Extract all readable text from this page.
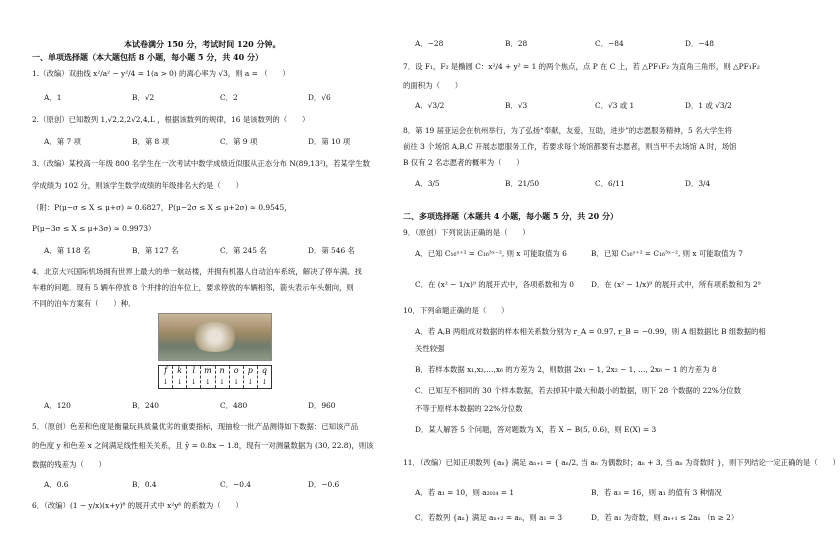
本试卷满分 150 分，考试时间 120 分钟。
一、单项选择题（本大题包括 8 小题，每小题 5 分，共 40 分）
1.（改编）双曲线 x²/a² − y²/4 = 1(a > 0) 的离心率为 √3，则 a = （　　）
A．1	B．√2	C．2	D．√6
2.（原创）已知数列 1,√2,2,2√2,4,L ，根据该数列的规律，16 是该数列的（　　）
A．第 7 项	B．第 8 项	C．第 9 项	D．第 10 项
3.（改编）某校高一年级 800 名学生在一次考试中数学成绩近似服从正态分布 N(89,13²)，若某学生数
学成绩为 102 分，则该学生数学成绩的年级排名大约是（　　）
（附：P(μ−σ ≤ X ≤ μ+σ) ≈ 0.6827，P(μ−2σ ≤ X ≤ μ+2σ) ≈ 0.9545，
P(μ−3σ ≤ X ≤ μ+3σ) ≈ 0.9973）
A．第 118 名	B．第 127 名	C．第 245 名	D．第 546 名
4．北京大兴国际机场拥有世界上最大的单一航站楼，并拥有机器人自动泊车系统，解决了停车满、找
车难的问题．现有 5 辆车停放 8 个并排的泊车位上，要求停放的车辆相邻，箭头表示车头朝向，则
不同的泊车方案有（　　）种．
f
↓
k
↓
l
↓
m
↓
n
↓
o
↓
p
↓
q
↓
A．120	B．240	C．480	D．960
5．（原创）色差和色度是衡量玩具质量优劣的重要指标，现抽检一批产品测得如下数据：已知该产品
的色度 y 和色差 x 之间满足线性相关关系，且 ŷ = 0.8x − 1.8，现有一对测量数据为 (30, 22.8)，则该
数据的残差为（　　）
A．0.6	B．0.4	C．−0.4	D．−0.6
6．（改编）(1 − y/x)(x+y)⁸ 的展开式中 x²y⁶ 的系数为（　　）
A．−28	B．28	C．−84	D．−48
7．设 F₁，F₂ 是椭圆 C：x²/4 + y² = 1 的两个焦点，点 P 在 C 上，若 △PF₁F₂ 为直角三角形，则 △PF₁F₂
的面积为（　　）
A．√3/2	B．√3	C．√3 或 1	D．1 或 √3/2
8．第 19 届亚运会在杭州举行，为了弘扬“奉献，友爱，互助，进步”的志愿服务精神，5 名大学生将
前往 3 个场馆 A,B,C 开展志愿服务工作，若要求每个场馆都要有志愿者，则当甲不去场馆 A 时，场馆
B 仅有 2 名志愿者的概率为（　　）
A．3/5	B．21/50	C．6/11	D．3/4
二、多项选择题（本题共 4 小题，每小题 5 分，共 20 分）
9．（原创）下列说法正确的是（　　）
A．已知 C₁₆ˣ⁺² = C₁₆³ˣ⁻², 则 x 可能取值为 6	B．已知 C₁₆ˣ⁺² = C₁₆³ˣ⁻², 则 x 可能取值为 7
C．在 (x² − 1/x)⁹ 的展开式中，各项系数和为 0 D．在 (x² − 1/x)⁹ 的展开式中，所有项系数和为 2⁹
10．下列命题正确的是（　　）
A．若 A,B 两组成对数据的样本相关系数分别为 r_A = 0.97, r_B = −0.99，则 A 组数据比 B 组数据的相
关性较强
B．若样本数据 x₁,x₂,…,x₆ 的方差为 2，则数据 2x₁ − 1, 2x₂ − 1, …, 2x₆ − 1 的方差为 8
C．已知互不相同的 30 个样本数据，若去掉其中最大和最小的数据，则下 28 个数据的 22%分位数
不等于原样本数据的 22%分位数
D．某人解答 5 个问题，答对题数为 X，若 X ~ B(5, 0.6)，则 E(X) = 3
11．（改编）已知正项数列 {aₙ} 满足 aₙ₊₁ = { aₙ/2, 当 aₙ 为偶数时；aₙ + 3, 当 aₙ 为奇数时 }，则下列结论一定正确的是（　　）
A．若 a₁ = 10，则 a₂₀₂₄ = 1	B．若 a₃ = 16，则 a₁ 的值有 3 种情况
C．若数列 {aₙ} 满足 aₙ₊₂ = aₙ，则 a₁ = 3	D．若 a₁ 为奇数，则 aₙ₊₁ ≤ 2aₙ （n ≥ 2）
